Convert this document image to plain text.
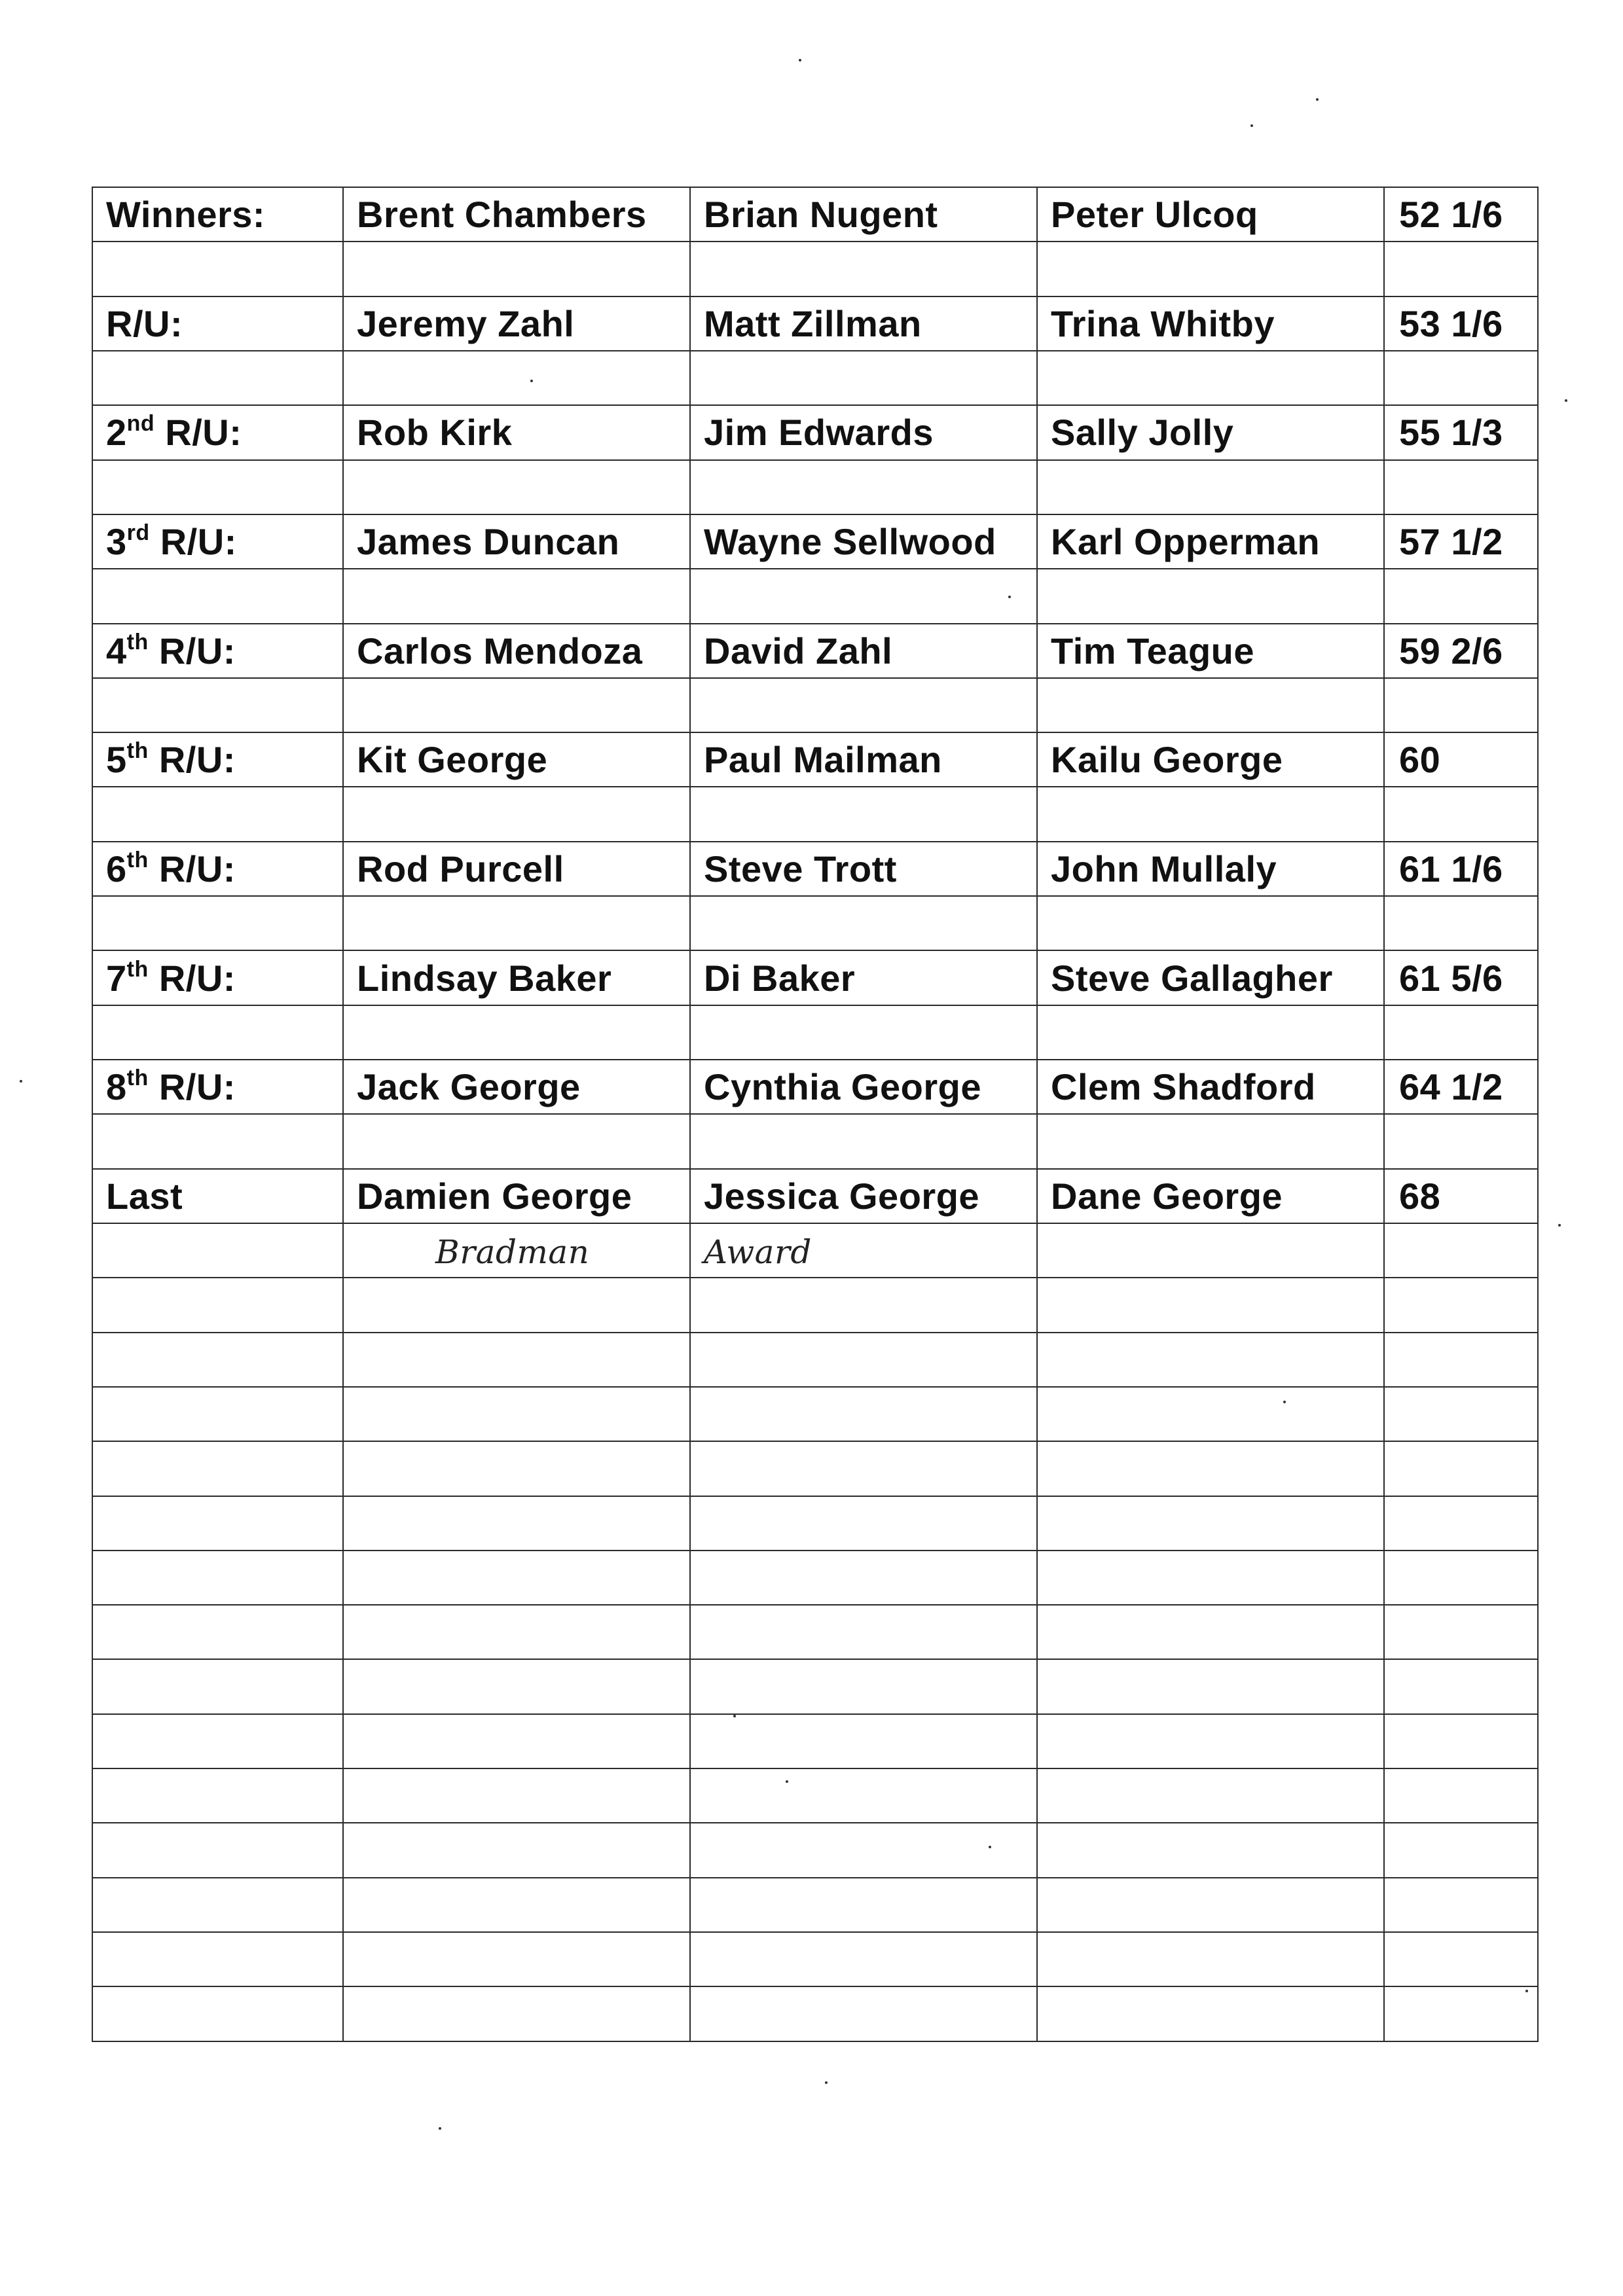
Winners:	Brent Chambers	Brian Nugent	Peter Ulcoq	52 1/6

R/U:	Jeremy Zahl	Matt Zillman	Trina Whitby	53 1/6

2nd R/U:	Rob Kirk	Jim Edwards	Sally Jolly	55 1/3

3rd R/U:	James Duncan	Wayne Sellwood	Karl Opperman	57 1/2

4th R/U:	Carlos Mendoza	David Zahl	Tim Teague	59 2/6

5th R/U:	Kit George	Paul Mailman	Kailu George	60

6th R/U:	Rod Purcell	Steve Trott	John Mullaly	61 1/6

7th R/U:	Lindsay Baker	Di Baker	Steve Gallagher	61 5/6

8th R/U:	Jack George	Cynthia George	Clem Shadford	64 1/2

Last	Damien George	Jessica George	Dane George	68
	Bradman	Award		
